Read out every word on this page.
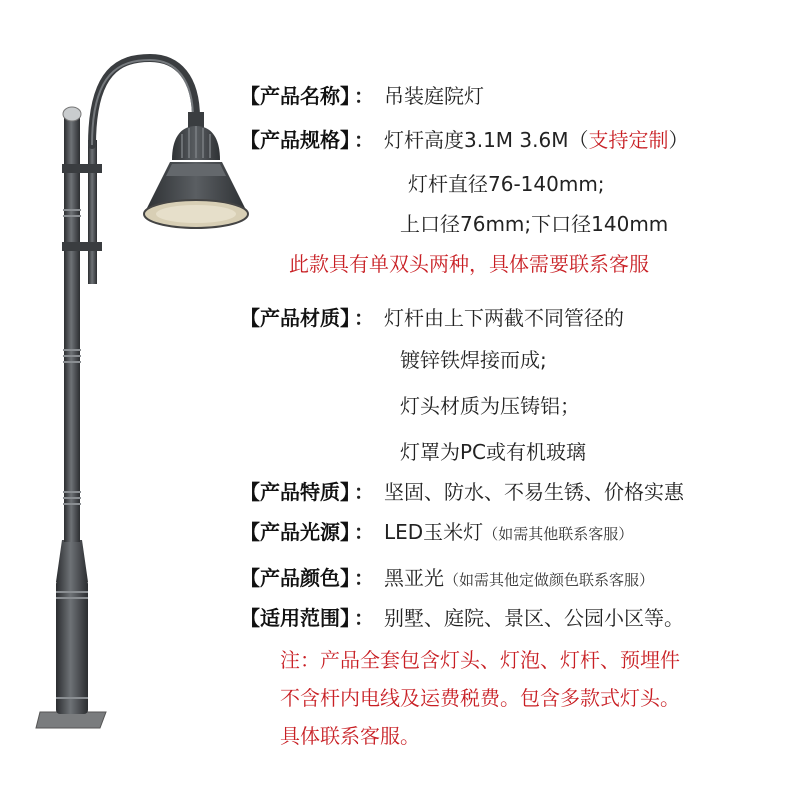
【产品名称】 ： 吊装庭院灯
【产品规格】 ： 灯杆高度3.1M 3.6M（支持定制）
灯杆直径76-140mm;
上口径76mm;下口径140mm
此款具有单双头两种，具体需要联系客服
【产品材质】 ： 灯杆由上下两截不同管径的
镀锌铁焊接而成;
灯头材质为压铸铝；
灯罩为PC或有机玻璃
【产品特质】 ： 坚固、防水、不易生锈、价格实惠
【产品光源】 ： LED玉米灯（如需其他联系客服）
【产品颜色】 ： 黑亚光（如需其他定做颜色联系客服）
【适用范围】 ： 别墅、庭院、景区、公园小区等。
注：产品全套包含灯头、灯泡、灯杆、预埋件
不含杆内电线及运费税费。包含多款式灯头。
具体联系客服。
